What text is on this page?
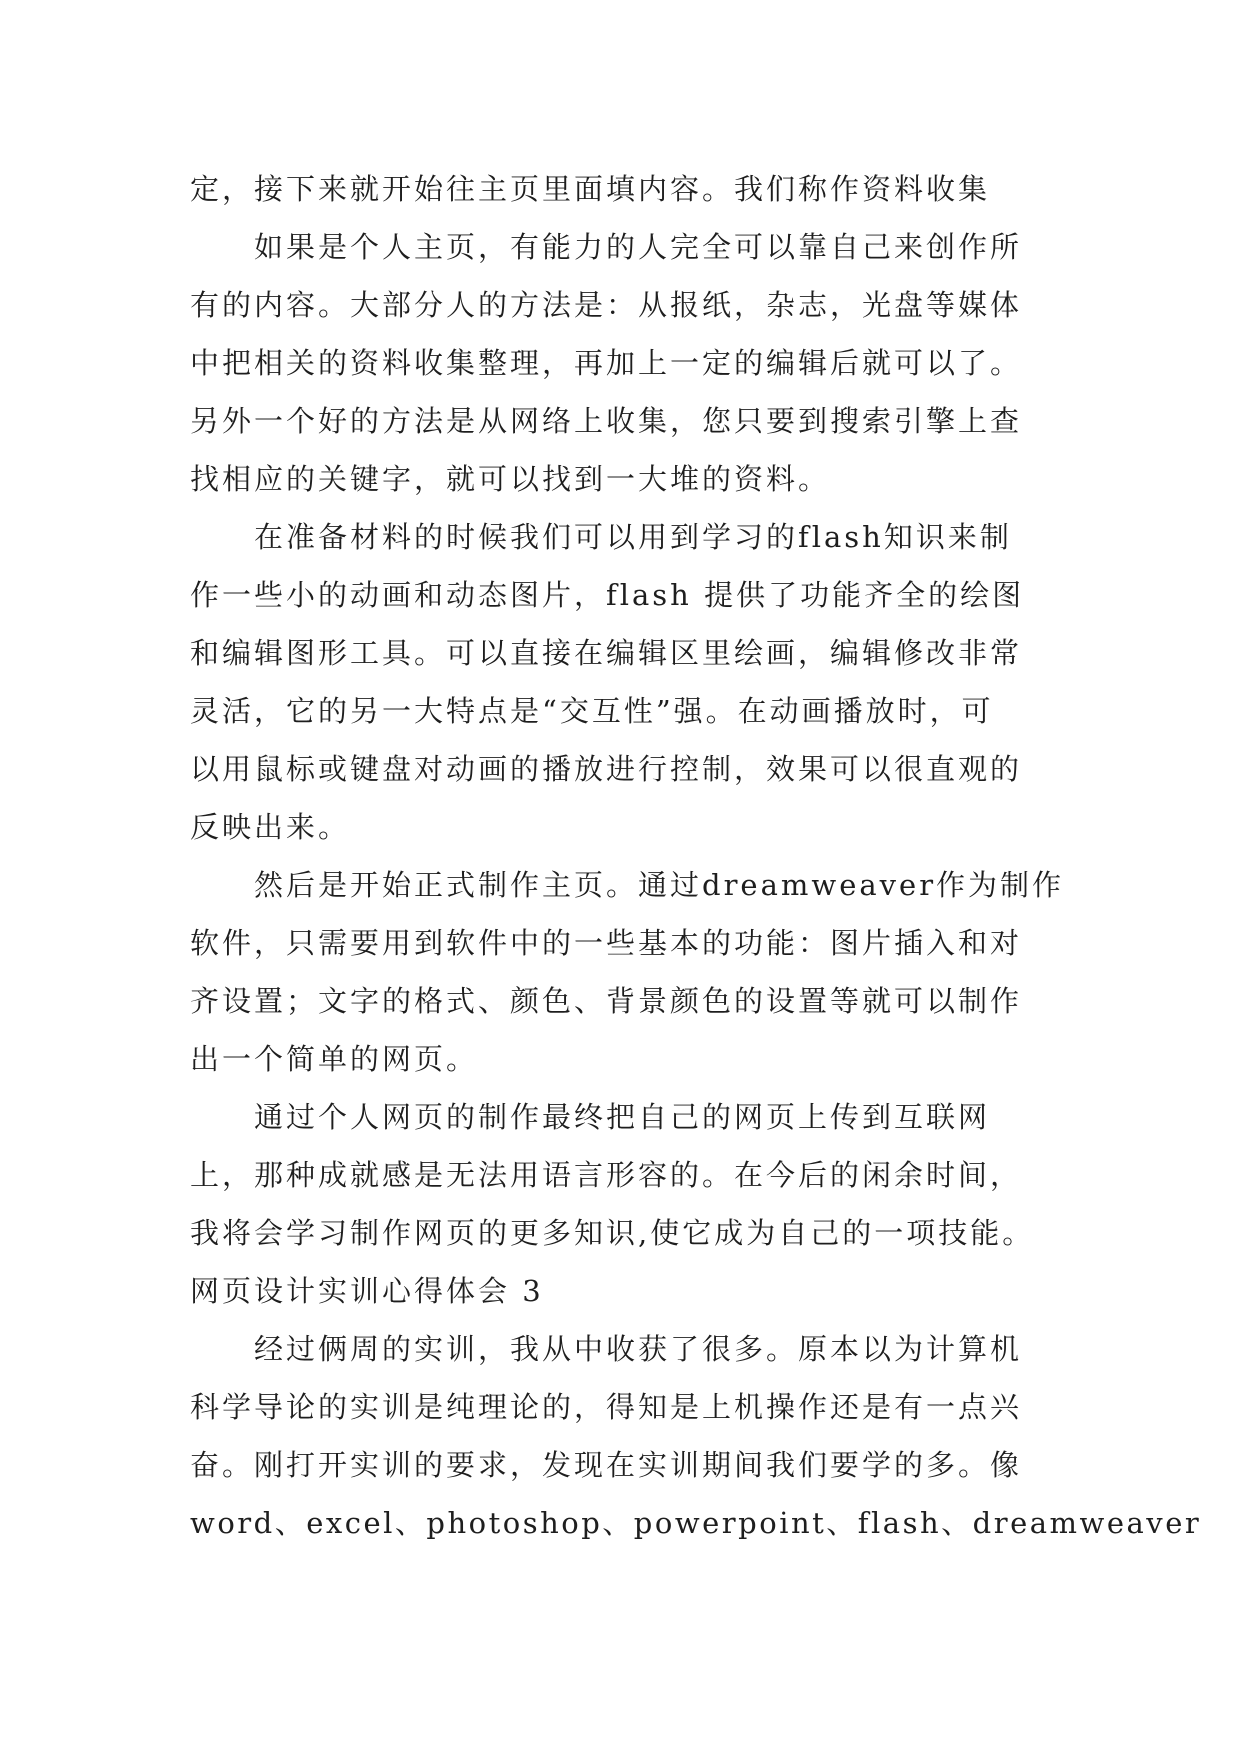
定，接下来就开始往主页里面填内容。我们称作资料收集
如果是个人主页，有能力的人完全可以靠自己来创作所
有的内容。大部分人的方法是：从报纸，杂志，光盘等媒体
中把相关的资料收集整理，再加上一定的编辑后就可以了。
另外一个好的方法是从网络上收集，您只要到搜索引擎上查
找相应的关键字，就可以找到一大堆的资料。
在准备材料的时候我们可以用到学习的flash知识来制
作一些小的动画和动态图片，flash 提供了功能齐全的绘图
和编辑图形工具。可以直接在编辑区里绘画，编辑修改非常
灵活，它的另一大特点是“交互性”强。在动画播放时，可
以用鼠标或键盘对动画的播放进行控制，效果可以很直观的
反映出来。
然后是开始正式制作主页。通过dreamweaver作为制作
软件，只需要用到软件中的一些基本的功能：图片插入和对
齐设置；文字的格式、颜色、背景颜色的设置等就可以制作
出一个简单的网页。
通过个人网页的制作最终把自己的网页上传到互联网
上，那种成就感是无法用语言形容的。在今后的闲余时间，
我将会学习制作网页的更多知识,使它成为自己的一项技能。
网页设计实训心得体会 3
经过俩周的实训，我从中收获了很多。原本以为计算机
科学导论的实训是纯理论的，得知是上机操作还是有一点兴
奋。刚打开实训的要求，发现在实训期间我们要学的多。像
word、excel、photoshop、powerpoint、flash、dreamweaver
